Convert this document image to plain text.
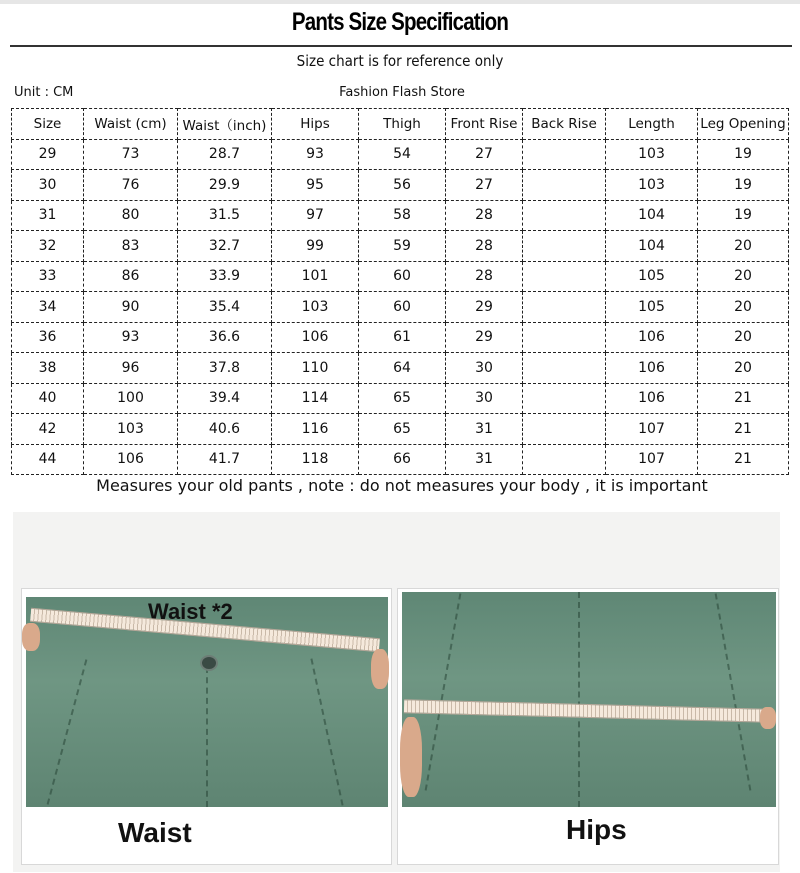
Pants Size Specification
Size chart is for reference only
Unit : CM	Fashion Flash Store
Size	Waist (cm)	Waist（inch)	Hips	Thigh	Front Rise	Back Rise	Length	Leg Opening
29	73	28.7	93	54	27		103	19
30	76	29.9	95	56	27		103	19
31	80	31.5	97	58	28		104	19
32	83	32.7	99	59	28		104	20
33	86	33.9	101	60	28		105	20
34	90	35.4	103	60	29		105	20
36	93	36.6	106	61	29		106	20
38	96	37.8	110	64	30		106	20
40	100	39.4	114	65	30		106	21
42	103	40.6	116	65	31		107	21
44	106	41.7	118	66	31		107	21
Measures your old pants , note : do not measures your body , it is important
Waist *2
Waist	Hips
